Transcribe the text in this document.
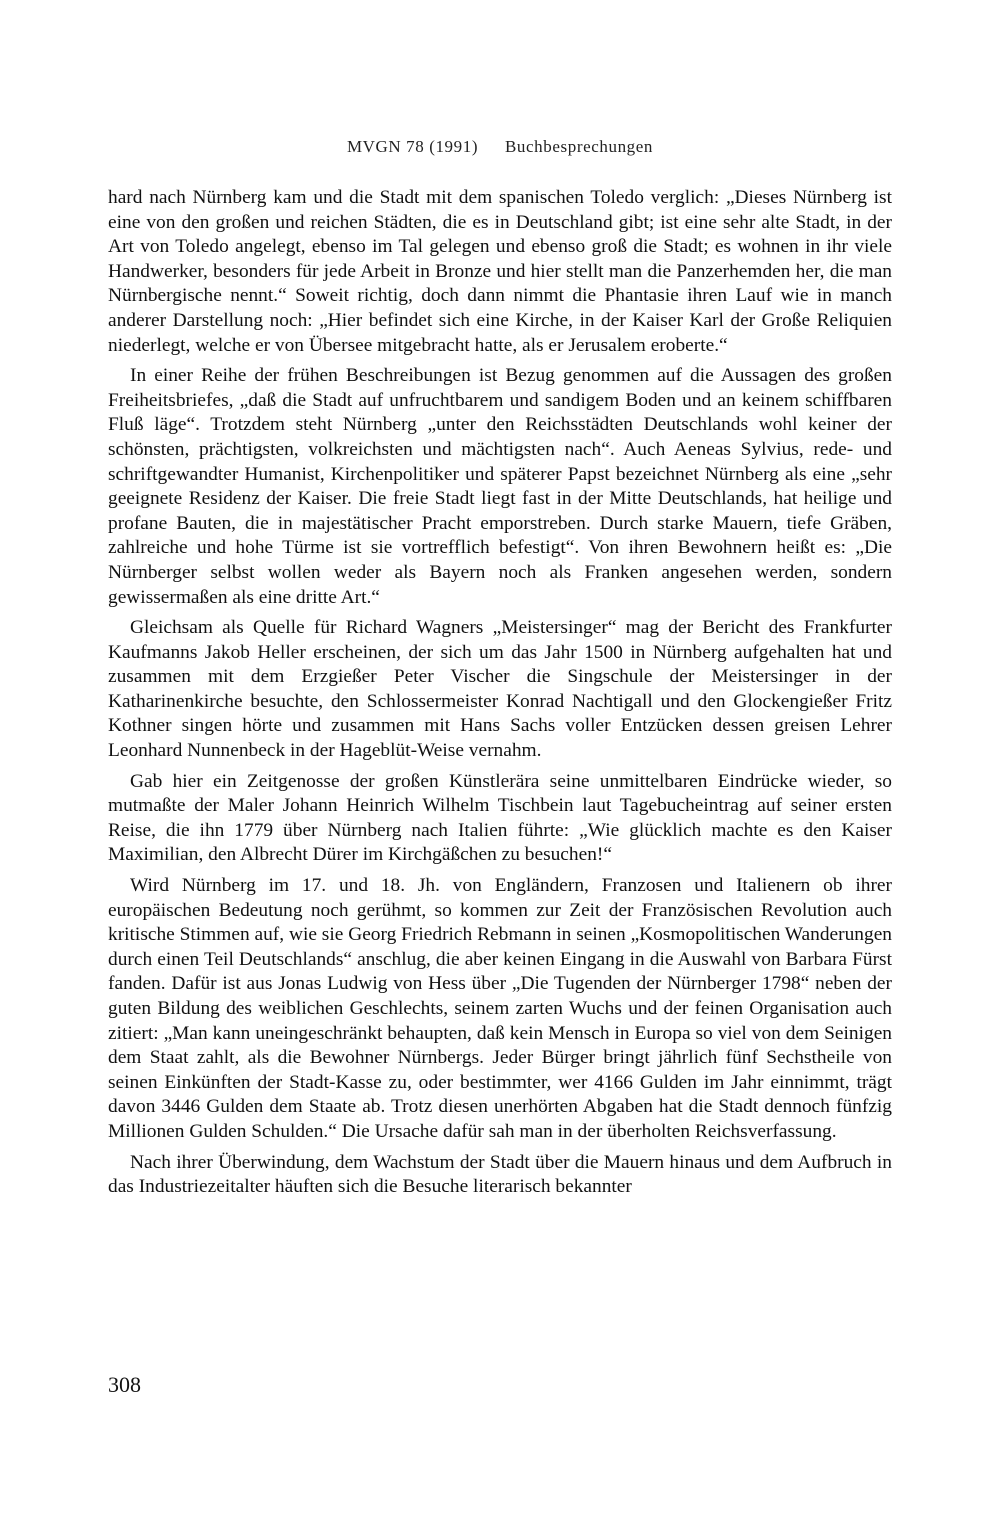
MVGN 78 (1991) Buchbesprechungen

hard nach Nürnberg kam und die Stadt mit dem spanischen Toledo verglich: „Dieses Nürnberg ist eine von den großen und reichen Städten, die es in Deutschland gibt; ist eine sehr alte Stadt, in der Art von Toledo angelegt, ebenso im Tal gelegen und ebenso groß die Stadt; es wohnen in ihr viele Handwerker, besonders für jede Arbeit in Bronze und hier stellt man die Panzerhemden her, die man Nürnbergische nennt.“ Soweit richtig, doch dann nimmt die Phantasie ihren Lauf wie in manch anderer Darstellung noch: „Hier befindet sich eine Kirche, in der Kaiser Karl der Große Reliquien niederlegt, welche er von Übersee mitgebracht hatte, als er Jerusalem eroberte.“

In einer Reihe der frühen Beschreibungen ist Bezug genommen auf die Aussagen des großen Freiheitsbriefes, „daß die Stadt auf unfruchtbarem und sandigem Boden und an keinem schiffbaren Fluß läge“. Trotzdem steht Nürnberg „unter den Reichsstädten Deutschlands wohl keiner der schönsten, prächtigsten, volkreichsten und mächtigsten nach“. Auch Aeneas Sylvius, rede- und schriftgewandter Humanist, Kirchenpolitiker und späterer Papst bezeichnet Nürnberg als eine „sehr geeignete Residenz der Kaiser. Die freie Stadt liegt fast in der Mitte Deutschlands, hat heilige und profane Bauten, die in majestätischer Pracht emporstreben. Durch starke Mauern, tiefe Gräben, zahlreiche und hohe Türme ist sie vortrefflich befestigt“. Von ihren Bewohnern heißt es: „Die Nürnberger selbst wollen weder als Bayern noch als Franken angesehen werden, sondern gewissermaßen als eine dritte Art.“

Gleichsam als Quelle für Richard Wagners „Meistersinger“ mag der Bericht des Frankfurter Kaufmanns Jakob Heller erscheinen, der sich um das Jahr 1500 in Nürnberg aufgehalten hat und zusammen mit dem Erzgießer Peter Vischer die Singschule der Meistersinger in der Katharinenkirche besuchte, den Schlossermeister Konrad Nachtigall und den Glockengießer Fritz Kothner singen hörte und zusammen mit Hans Sachs voller Entzücken dessen greisen Lehrer Leonhard Nunnenbeck in der Hageblüt-Weise vernahm.

Gab hier ein Zeitgenosse der großen Künstlerära seine unmittelbaren Eindrücke wieder, so mutmaßte der Maler Johann Heinrich Wilhelm Tischbein laut Tagebucheintrag auf seiner ersten Reise, die ihn 1779 über Nürnberg nach Italien führte: „Wie glücklich machte es den Kaiser Maximilian, den Albrecht Dürer im Kirchgäßchen zu besuchen!“

Wird Nürnberg im 17. und 18. Jh. von Engländern, Franzosen und Italienern ob ihrer europäischen Bedeutung noch gerühmt, so kommen zur Zeit der Französischen Revolution auch kritische Stimmen auf, wie sie Georg Friedrich Rebmann in seinen „Kosmopolitischen Wanderungen durch einen Teil Deutschlands“ anschlug, die aber keinen Eingang in die Auswahl von Barbara Fürst fanden. Dafür ist aus Jonas Ludwig von Hess über „Die Tugenden der Nürnberger 1798“ neben der guten Bildung des weiblichen Geschlechts, seinem zarten Wuchs und der feinen Organisation auch zitiert: „Man kann uneingeschränkt behaupten, daß kein Mensch in Europa so viel von dem Seinigen dem Staat zahlt, als die Bewohner Nürnbergs. Jeder Bürger bringt jährlich fünf Sechstheile von seinen Einkünften der Stadt-Kasse zu, oder bestimmter, wer 4166 Gulden im Jahr einnimmt, trägt davon 3446 Gulden dem Staate ab. Trotz diesen unerhörten Abgaben hat die Stadt dennoch fünfzig Millionen Gulden Schulden.“ Die Ursache dafür sah man in der überholten Reichsverfassung.

Nach ihrer Überwindung, dem Wachstum der Stadt über die Mauern hinaus und dem Aufbruch in das Industriezeitalter häuften sich die Besuche literarisch bekannter

308
